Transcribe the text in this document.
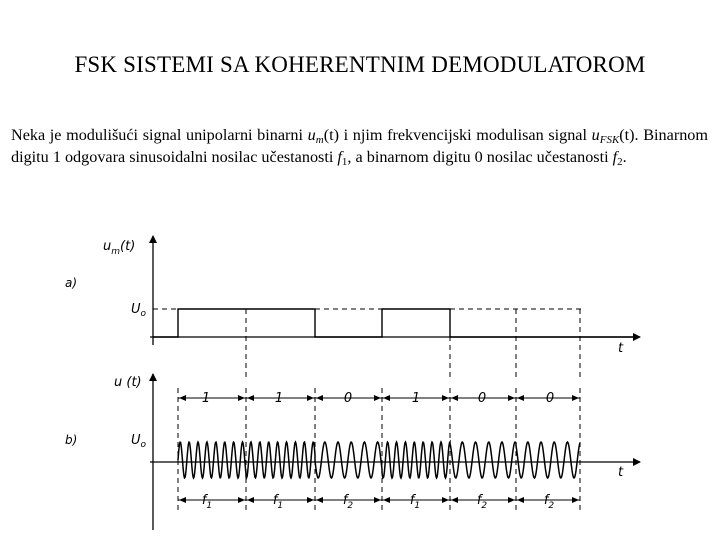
FSK SISTEMI SA KOHERENTNIM DEMODULATOROM
Neka je modulišući signal unipolarni binarni $u_m(t)$ i njim frekvencijski modulisan signal $u_{FSK}(t)$. Binarnom digitu 1 odgovara sinusoidalni nosilac učestanosti $f_1$, a binarnom digitu 0 nosilac učestanosti $f_2$.
a)
$u_m(t)$
$U_o$
t
b)
u (t)
$U_o$
t
1	1	0	1	0	0
$f_1$	$f_1$	$f_2$	$f_1$	$f_2$	$f_2$
